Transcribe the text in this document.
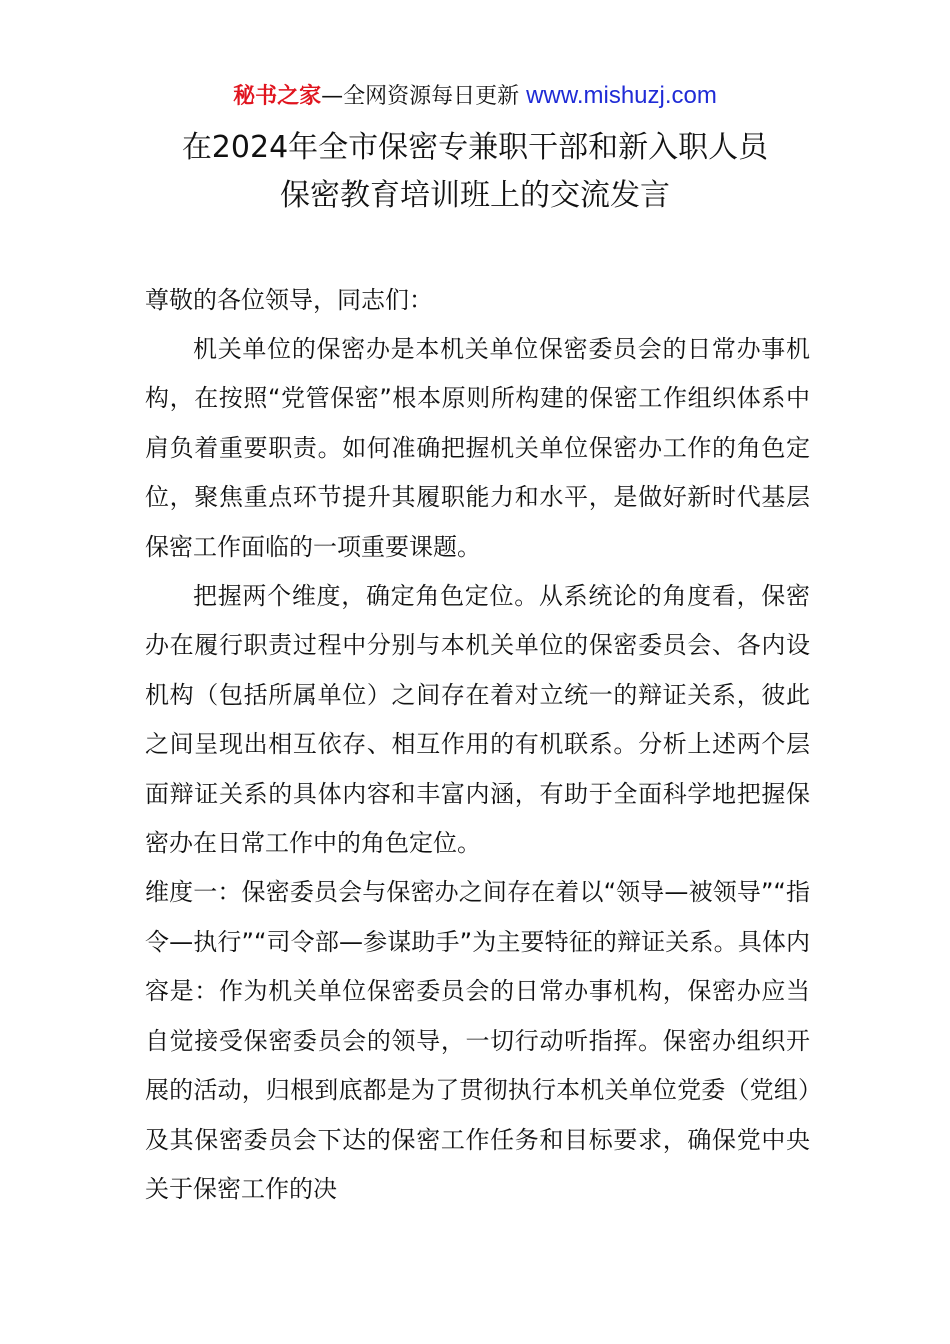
秘书之家—全网资源每日更新 www.mishuzj.com
在2024年全市保密专兼职干部和新入职人员
保密教育培训班上的交流发言
尊敬的各位领导，同志们：

机关单位的保密办是本机关单位保密委员会的日常办事机构，在按照“党管保密”根本原则所构建的保密工作组织体系中肩负着重要职责。如何准确把握机关单位保密办工作的角色定位，聚焦重点环节提升其履职能力和水平，是做好新时代基层保密工作面临的一项重要课题。

把握两个维度，确定角色定位。从系统论的角度看，保密办在履行职责过程中分别与本机关单位的保密委员会、各内设机构（包括所属单位）之间存在着对立统一的辩证关系，彼此之间呈现出相互依存、相互作用的有机联系。分析上述两个层面辩证关系的具体内容和丰富内涵，有助于全面科学地把握保密办在日常工作中的角色定位。

维度一：保密委员会与保密办之间存在着以“领导—被领导”“指令—执行”“司令部—参谋助手”为主要特征的辩证关系。具体内容是：作为机关单位保密委员会的日常办事机构，保密办应当自觉接受保密委员会的领导，一切行动听指挥。保密办组织开展的活动，归根到底都是为了贯彻执行本机关单位党委（党组）及其保密委员会下达的保密工作任务和目标要求，确保党中央关于保密工作的决
